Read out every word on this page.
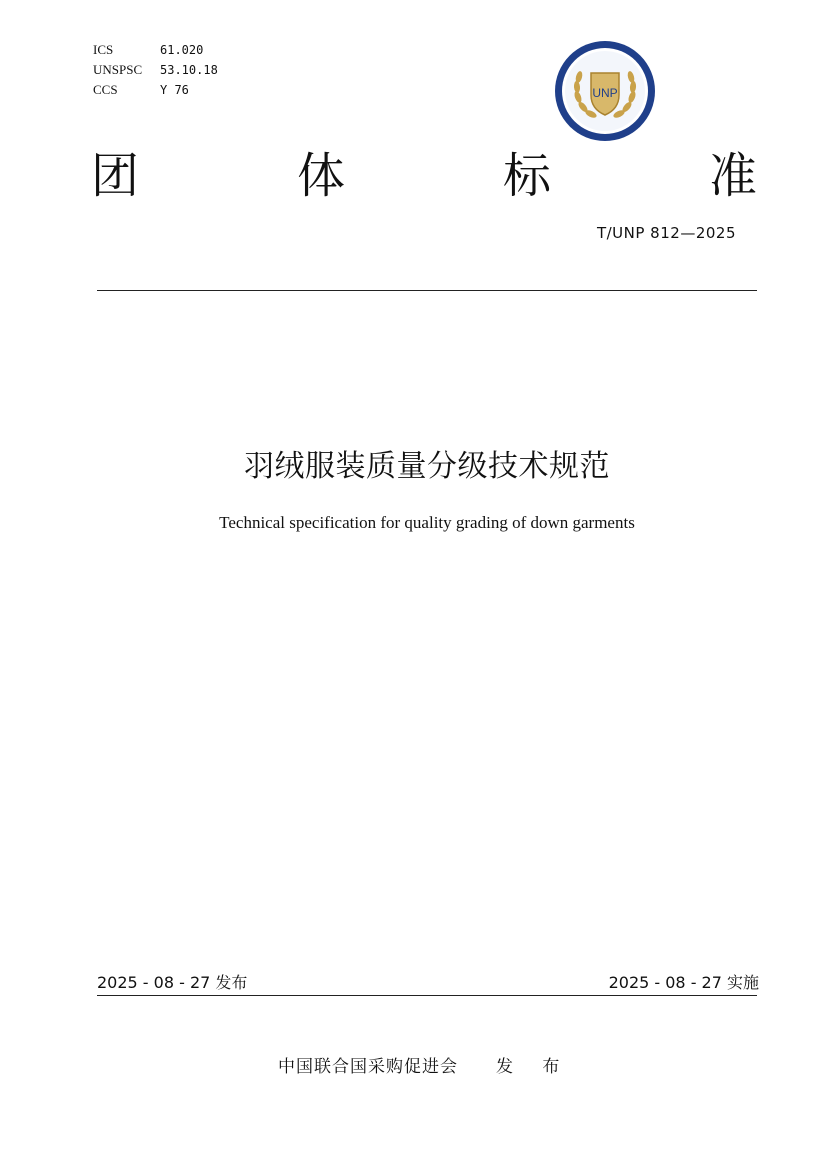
ICS	61.020
UNSPSC	53.10.18
CCS	Y 76	UNP
团	体	标	准
T/UNP 812—2025
羽绒服装质量分级技术规范
Technical specification for quality grading of down garments
2025 - 08 - 27 发布	2025 - 08 - 27 实施
中国联合国采购促进会 发 布
